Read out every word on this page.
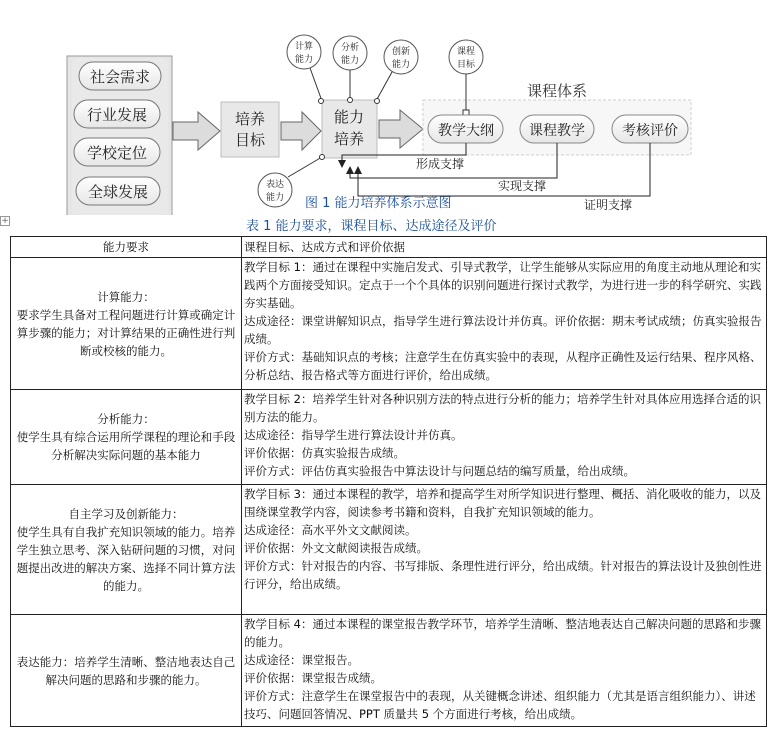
社会需求
行业发展
学校定位
全球发展
培养
目标
能力
培养
计算
能力
分析
能力
创新
能力
表达
能力
课程体系
课程
目标
教学大纲	课程教学	考核评价
形成支撑
实现支撑
证明支撑
图 1 能力培养体系示意图
+	表 1 能力要求，课程目标、达成途径及评价
能力要求	课程目标、达成方式和评价依据

计算能力：
要求学生具备对工程问题进行计算或确定计算步骤的能力；对计算结果的正确性进行判断或校核的能力。	教学目标 1：通过在课程中实施启发式、引导式教学，让学生能够从实际应用的角度主动地从理论和实践两个方面接受知识。定点于一个个具体的识别问题进行探讨式教学，为进行进一步的科学研究、实践夯实基础。
达成途径：课堂讲解知识点，指导学生进行算法设计并仿真。评价依据：期末考试成绩；仿真实验报告成绩。
评价方式：基础知识点的考核；注意学生在仿真实验中的表现，从程序正确性及运行结果、程序风格、分析总结、报告格式等方面进行评价，给出成绩。

分析能力：
使学生具有综合运用所学课程的理论和手段分析解决实际问题的基本能力	教学目标 2：培养学生针对各种识别方法的特点进行分析的能力；培养学生针对具体应用选择合适的识别方法的能力。
达成途径：指导学生进行算法设计并仿真。
评价依据：仿真实验报告成绩。
评价方式：评估仿真实验报告中算法设计与问题总结的编写质量，给出成绩。

自主学习及创新能力：
使学生具有自我扩充知识领域的能力。培养学生独立思考、深入钻研问题的习惯，对问题提出改进的解决方案、选择不同计算方法的能力。	教学目标 3：通过本课程的教学，培养和提高学生对所学知识进行整理、概括、消化吸收的能力，以及围绕课堂教学内容，阅读参考书籍和资料，自我扩充知识领域的能力。
达成途径：高水平外文文献阅读。
评价依据：外文文献阅读报告成绩。
评价方式：针对报告的内容、书写排版、条理性进行评分，给出成绩。针对报告的算法设计及独创性进行评分，给出成绩。

表达能力：培养学生清晰、整洁地表达自己解决问题的思路和步骤的能力。	教学目标 4：通过本课程的课堂报告教学环节，培养学生清晰、整洁地表达自己解决问题的思路和步骤的能力。
达成途径：课堂报告。
评价依据：课堂报告成绩。
评价方式：注意学生在课堂报告中的表现，从关键概念讲述、组织能力（尤其是语言组织能力）、讲述技巧、问题回答情况、PPT 质量共 5 个方面进行考核，给出成绩。
